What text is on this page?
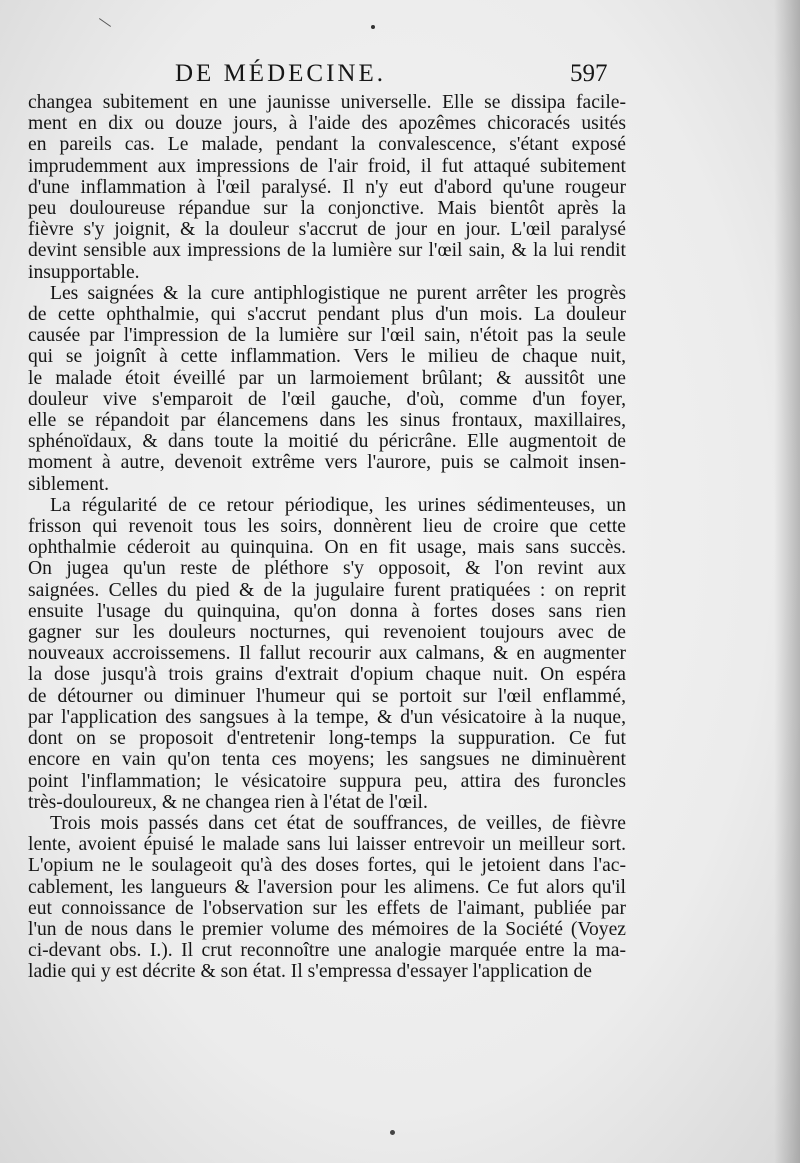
DE MÉDECINE.	597
changea subitement en une jaunisse universelle. Elle se dissipa facile-
ment en dix ou douze jours, à l'aide des apozêmes chicoracés usités
en pareils cas. Le malade, pendant la convalescence, s'étant exposé
imprudemment aux impressions de l'air froid, il fut attaqué subitement
d'une inflammation à l'œil paralysé. Il n'y eut d'abord qu'une rougeur
peu douloureuse répandue sur la conjonctive. Mais bientôt après la
fièvre s'y joignit, & la douleur s'accrut de jour en jour. L'œil paralysé
devint sensible aux impressions de la lumière sur l'œil sain, & la lui rendit
insupportable.
Les saignées & la cure antiphlogistique ne purent arrêter les progrès
de cette ophthalmie, qui s'accrut pendant plus d'un mois. La douleur
causée par l'impression de la lumière sur l'œil sain, n'étoit pas la seule
qui se joignît à cette inflammation. Vers le milieu de chaque nuit,
le malade étoit éveillé par un larmoiement brûlant; & aussitôt une
douleur vive s'emparoit de l'œil gauche, d'où, comme d'un foyer,
elle se répandoit par élancemens dans les sinus frontaux, maxillaires,
sphénoïdaux, & dans toute la moitié du péricrâne. Elle augmentoit de
moment à autre, devenoit extrême vers l'aurore, puis se calmoit insen-
siblement.
La régularité de ce retour périodique, les urines sédimenteuses, un
frisson qui revenoit tous les soirs, donnèrent lieu de croire que cette
ophthalmie céderoit au quinquina. On en fit usage, mais sans succès.
On jugea qu'un reste de pléthore s'y opposoit, & l'on revint aux
saignées. Celles du pied & de la jugulaire furent pratiquées : on reprit
ensuite l'usage du quinquina, qu'on donna à fortes doses sans rien
gagner sur les douleurs nocturnes, qui revenoient toujours avec de
nouveaux accroissemens. Il fallut recourir aux calmans, & en augmenter
la dose jusqu'à trois grains d'extrait d'opium chaque nuit. On espéra
de détourner ou diminuer l'humeur qui se portoit sur l'œil enflammé,
par l'application des sangsues à la tempe, & d'un vésicatoire à la nuque,
dont on se proposoit d'entretenir long-temps la suppuration. Ce fut
encore en vain qu'on tenta ces moyens; les sangsues ne diminuèrent
point l'inflammation; le vésicatoire suppura peu, attira des furoncles
très-douloureux, & ne changea rien à l'état de l'œil.
Trois mois passés dans cet état de souffrances, de veilles, de fièvre
lente, avoient épuisé le malade sans lui laisser entrevoir un meilleur sort.
L'opium ne le soulageoit qu'à des doses fortes, qui le jetoient dans l'ac-
cablement, les langueurs & l'aversion pour les alimens. Ce fut alors qu'il
eut connoissance de l'observation sur les effets de l'aimant, publiée par
l'un de nous dans le premier volume des mémoires de la Société (Voyez
ci-devant obs. I.). Il crut reconnoître une analogie marquée entre la ma-
ladie qui y est décrite & son état. Il s'empressa d'essayer l'application de
